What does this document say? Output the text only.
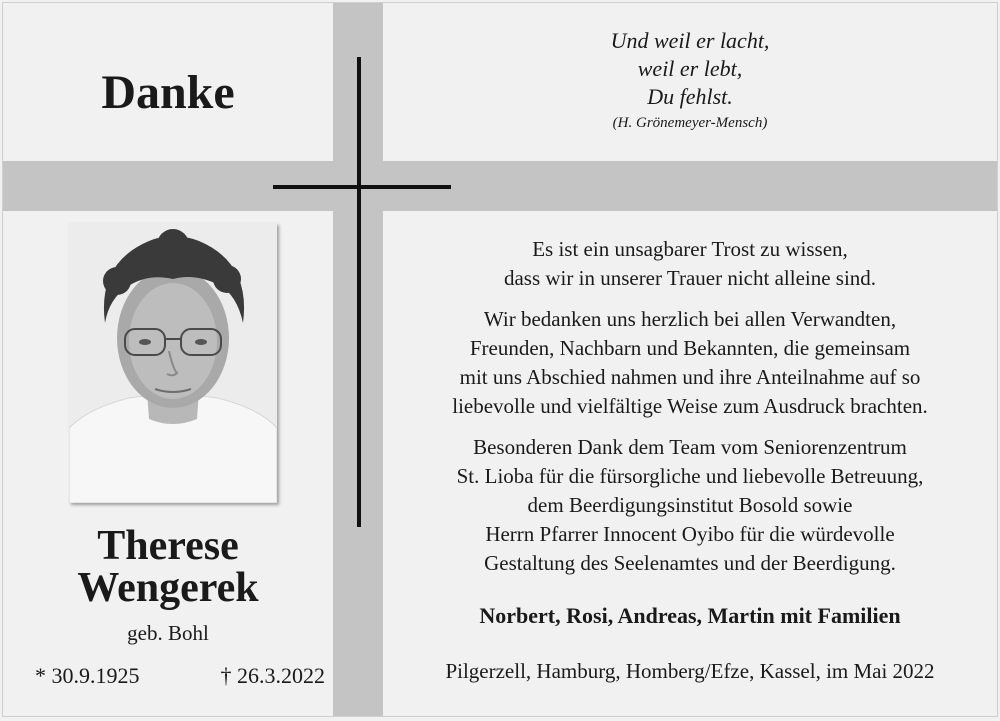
Danke
Und weil er lacht,
weil er lebt,
Du fehlst.
(H. Grönemeyer-Mensch)
Therese
Wengerek
geb. Bohl
* 30.9.1925	† 26.3.2022
Es ist ein unsagbarer Trost zu wissen,
dass wir in unserer Trauer nicht alleine sind.
Wir bedanken uns herzlich bei allen Verwandten,
Freunden, Nachbarn und Bekannten, die gemeinsam
mit uns Abschied nahmen und ihre Anteilnahme auf so
liebevolle und vielfältige Weise zum Ausdruck brachten.
Besonderen Dank dem Team vom Seniorenzentrum
St. Lioba für die fürsorgliche und liebevolle Betreuung,
dem Beerdigungsinstitut Bosold sowie
Herrn Pfarrer Innocent Oyibo für die würdevolle
Gestaltung des Seelenamtes und der Beerdigung.
Norbert, Rosi, Andreas, Martin mit Familien
Pilgerzell, Hamburg, Homberg/Efze, Kassel, im Mai 2022
